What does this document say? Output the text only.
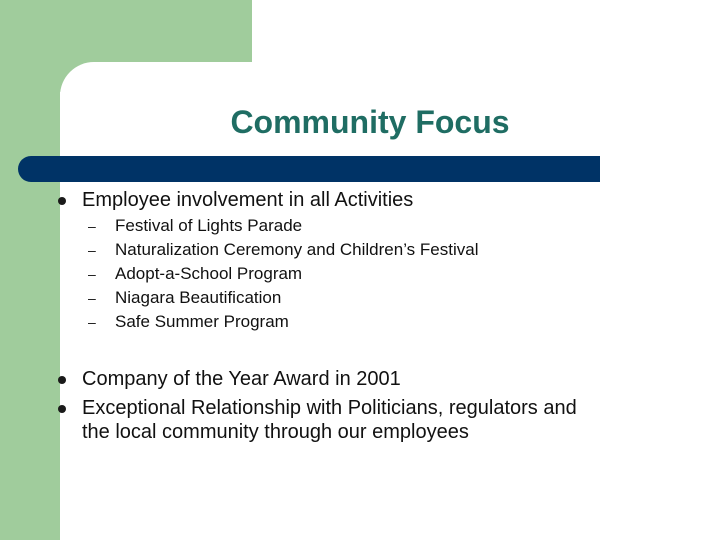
Community Focus
Employee involvement in all Activities
– Festival of Lights Parade
– Naturalization Ceremony and Children’s Festival
– Adopt-a-School Program
– Niagara Beautification
– Safe Summer Program
Company of the Year Award in 2001
Exceptional Relationship with Politicians, regulators and
the local community through our employees
